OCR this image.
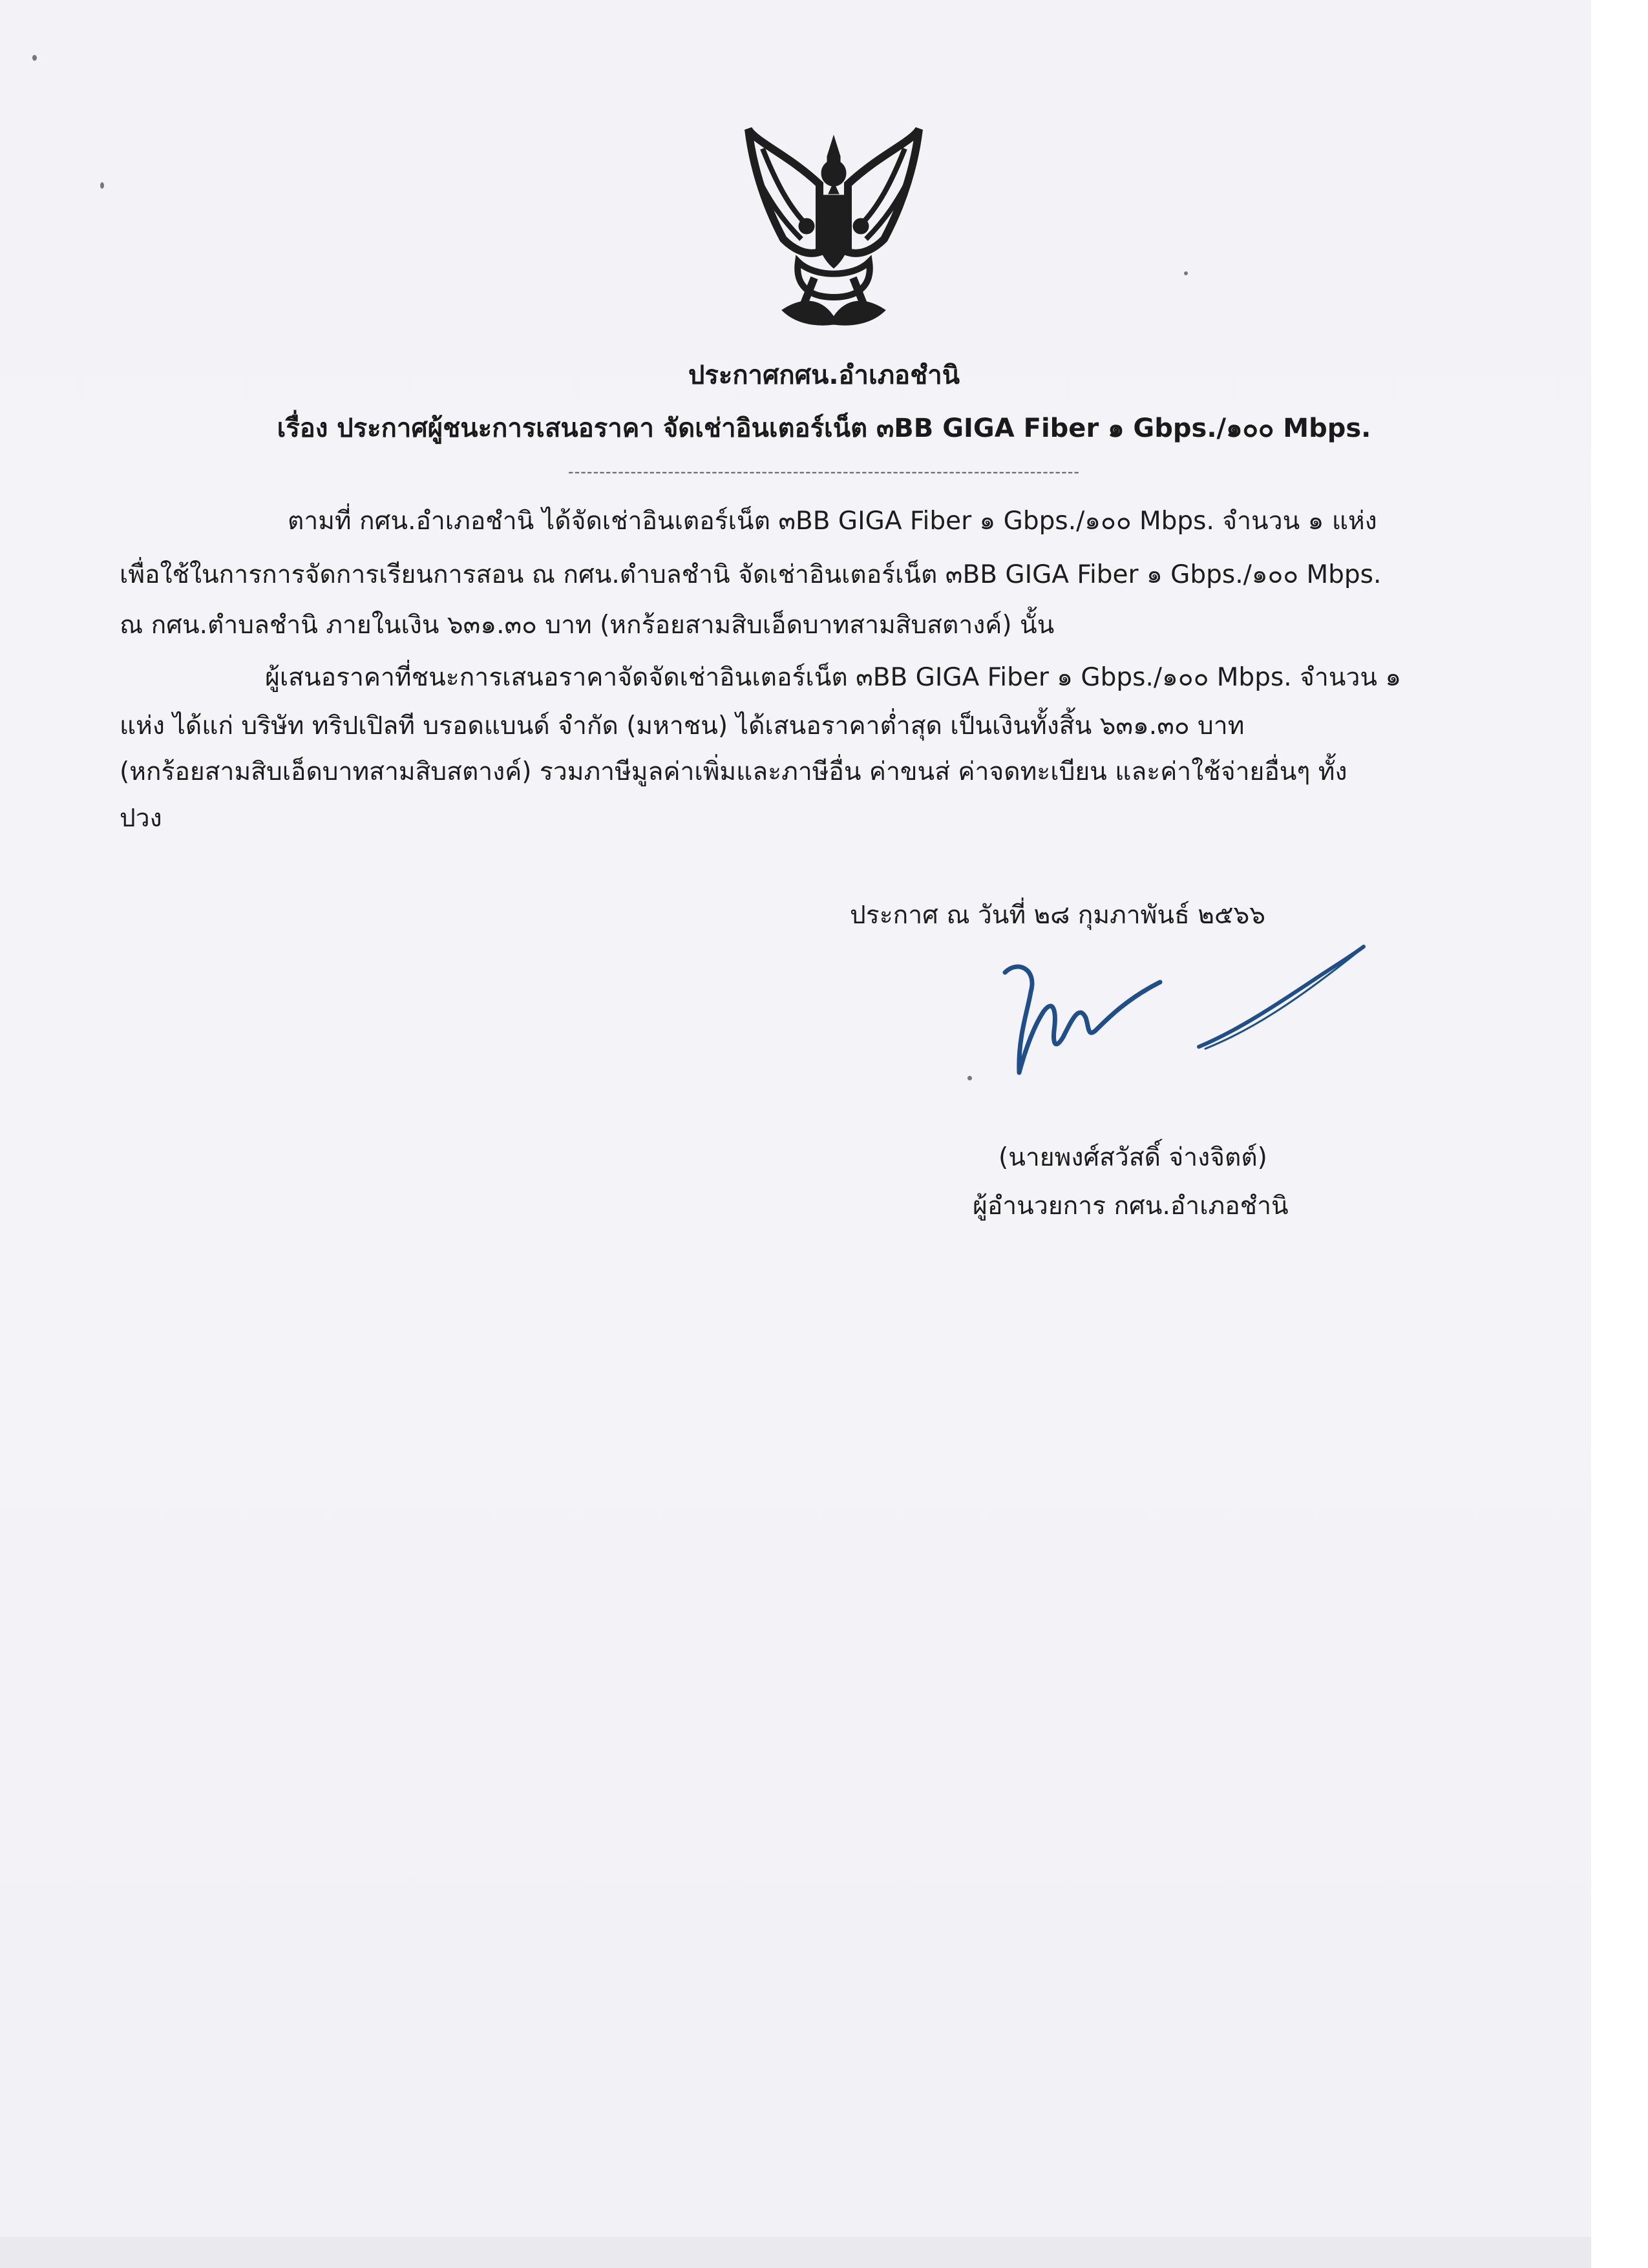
ประกาศกศน.อำเภอชำนิ
เรื่อง ประกาศผู้ชนะการเสนอราคา จัดเช่าอินเตอร์เน็ต ๓BB GIGA Fiber ๑ Gbps./๑๐๐ Mbps.
----------------------------------------------------------------------------------
ตามที่ กศน.อำเภอชำนิ ได้จัดเช่าอินเตอร์เน็ต ๓BB GIGA Fiber ๑ Gbps./๑๐๐ Mbps. จำนวน ๑ แห่ง
เพื่อใช้ในการการจัดการเรียนการสอน ณ กศน.ตำบลชำนิ จัดเช่าอินเตอร์เน็ต ๓BB GIGA Fiber ๑ Gbps./๑๐๐ Mbps.
ณ กศน.ตำบลชำนิ ภายในเงิน ๖๓๑.๓๐ บาท (หกร้อยสามสิบเอ็ดบาทสามสิบสตางค์) นั้น
ผู้เสนอราคาที่ชนะการเสนอราคาจัดจัดเช่าอินเตอร์เน็ต ๓BB GIGA Fiber ๑ Gbps./๑๐๐ Mbps. จำนวน ๑
แห่ง ได้แก่ บริษัท ทริปเปิลที บรอดแบนด์ จำกัด (มหาชน) ได้เสนอราคาต่ำสุด เป็นเงินทั้งสิ้น ๖๓๑.๓๐ บาท
(หกร้อยสามสิบเอ็ดบาทสามสิบสตางค์) รวมภาษีมูลค่าเพิ่มและภาษีอื่น ค่าขนส่ ค่าจดทะเบียน และค่าใช้จ่ายอื่นๆ ทั้ง
ปวง
ประกาศ ณ วันที่ ๒๘ กุมภาพันธ์ ๒๕๖๖
(นายพงศ์สวัสดิ์ จ่างจิตต์)
ผู้อำนวยการ กศน.อำเภอชำนิ
